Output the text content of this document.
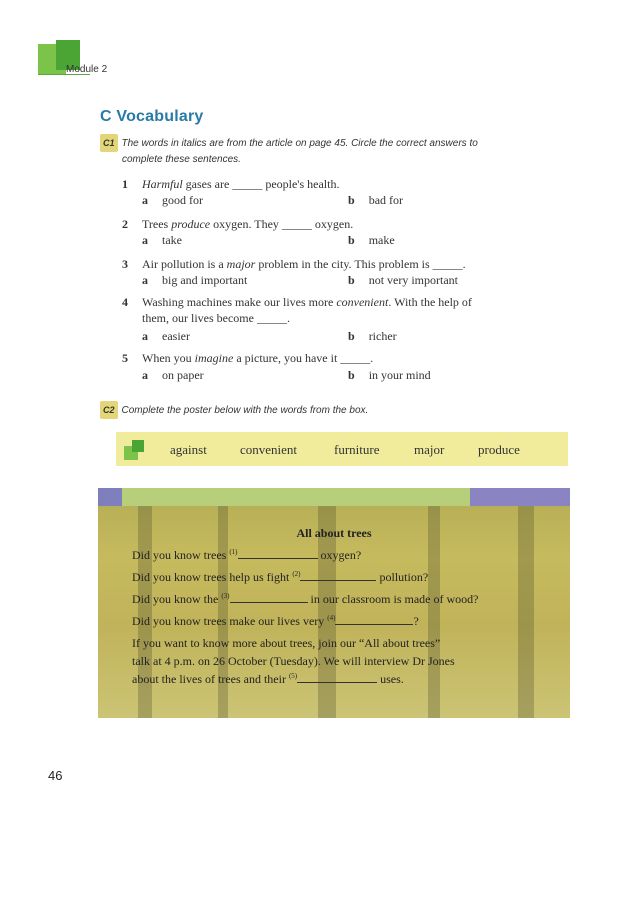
Module 2
C Vocabulary
C1 The words in italics are from the article on page 45. Circle the correct answers to
complete these sentences.
1 Harmful gases are _____ people's health.
a good for	b bad for
2 Trees produce oxygen. They _____ oxygen.
a take	b make
3 Air pollution is a major problem in the city. This problem is _____.
a big and important	b not very important
4 Washing machines make our lives more convenient. With the help of
them, our lives become _____.
a easier	b richer
5 When you imagine a picture, you have it _____.
a on paper	b in your mind
C2 Complete the poster below with the words from the box.
against	convenient	furniture	major	produce
All about trees
Did you know trees $^{(1)}$	oxygen?
Did you know trees help us fight $^{(2)}$	pollution?
Did you know the $^{(3)}$	in our classroom is made of wood?
Did you know trees make our lives very $^{(4)}$	?
If you want to know more about trees, join our “All about trees”
talk at 4 p.m. on 26 October (Tuesday). We will interview Dr Jones
about the lives of trees and their $^{(5)}$	uses.
46
